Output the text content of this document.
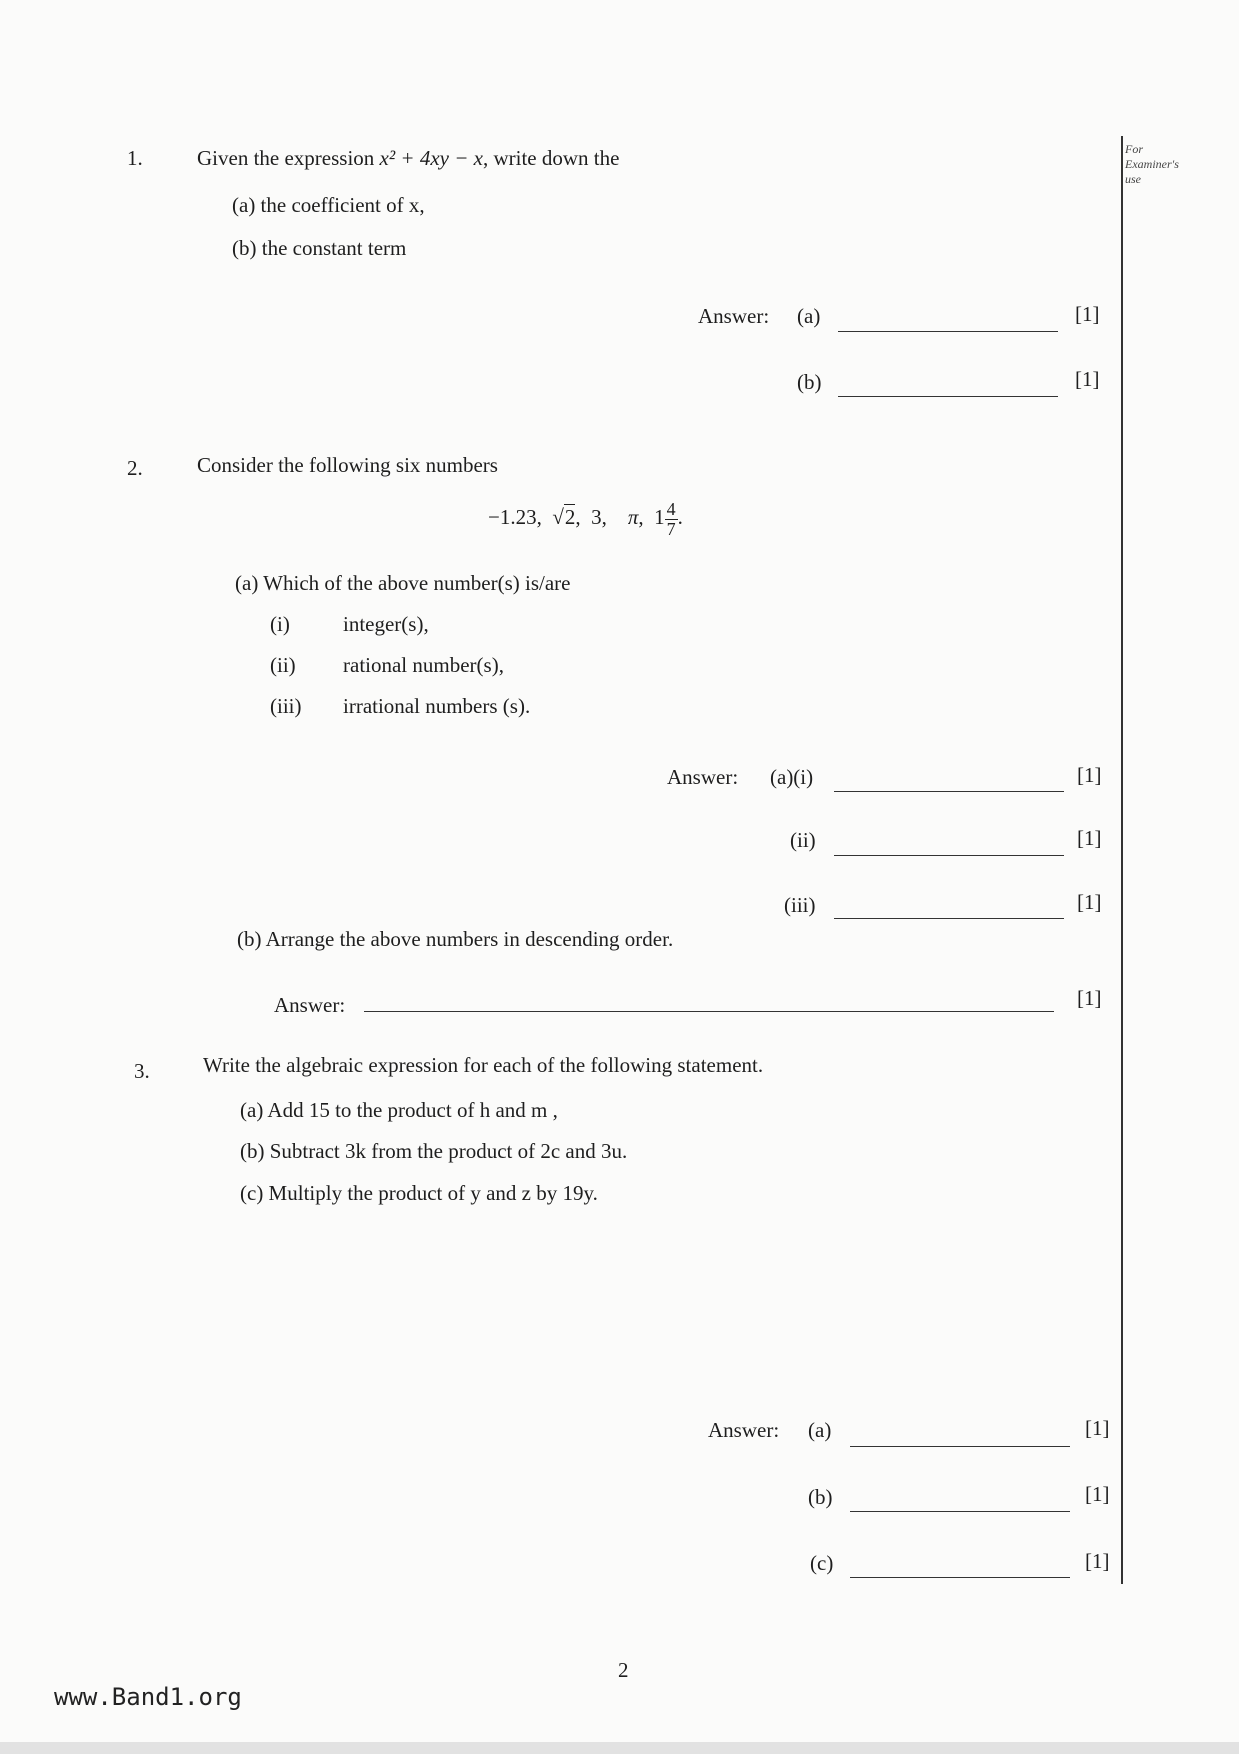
For
Examiner's
use
1.	Given the expression x² + 4xy − x, write down the
(a) the coefficient of x,
(b) the constant term
Answer: (a)	[1]
(b)	[1]
2.	Consider the following six numbers
−1.23, √2,  3, π,  $1 \frac{4}{7}$ .
(a) Which of the above number(s) is/are
(i)	integer(s),
(ii) rational number(s),
(iii) irrational numbers (s).
Answer: (a)(i)	[1]
(ii)	[1]
(iii)	[1]
(b) Arrange the above numbers in descending order.
Answer:	[1]
3.	Write the algebraic expression for each of the following statement.
(a) Add 15 to the product of h and m ,
(b) Subtract 3k from the product of 2c and 3u.
(c) Multiply the product of y and z by 19y.
Answer: (a)	[1]
(b)	[1]
(c)	[1]
2
www.Band1.org
